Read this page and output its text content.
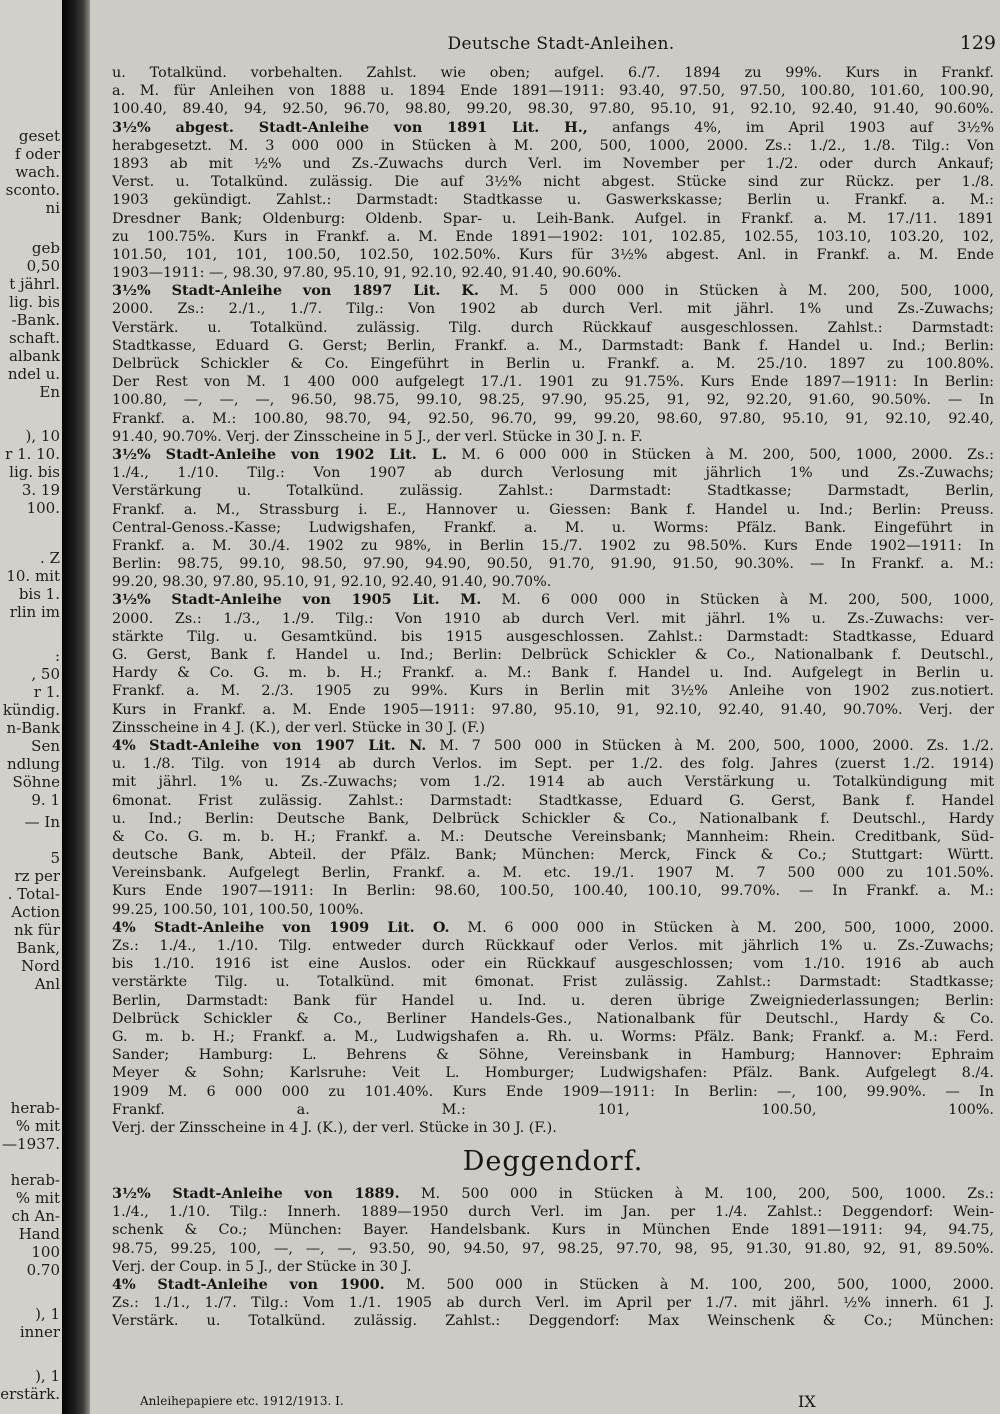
geset
f oder
wach.
sconto.
ni
geb
0,50
t jährl.
lig. bis
-Bank.
schaft.
albank
ndel u.
En
), 10
r 1. 10.
lig. bis
3. 19
100.
. Z
10. mit
bis 1.
rlin im
:
, 50
r 1.
kündig.
n-Bank
Sen
ndlung
Söhne
9. 1
— In
5
rz per
. Total-
Action
nk für
Bank,
Nord
Anl
herab-
% mit
—1937.
herab-
% mit
ch An-
Hand
100
0.70
), 1
inner
), 1
erstärk.
Deutsche Stadt-Anleihen.	129
u. Totalkünd. vorbehalten. Zahlst. wie oben; aufgel. 6./7. 1894 zu 99%. Kurs in Frankf.
a. M. für Anleihen von 1888 u. 1894 Ende 1891—1911: 93.40, 97.50, 97.50, 100.80, 101.60, 100.90,
100.40, 89.40, 94, 92.50, 96.70, 98.80, 99.20, 98.30, 97.80, 95.10, 91, 92.10, 92.40, 91.40, 90.60%.
3½% abgest. Stadt-Anleihe von 1891 Lit. H., anfangs 4%, im April 1903 auf 3½%
herabgesetzt. M. 3 000 000 in Stücken à M. 200, 500, 1000, 2000. Zs.: 1./2., 1./8. Tilg.: Von
1893 ab mit ½% und Zs.-Zuwachs durch Verl. im November per 1./2. oder durch Ankauf;
Verst. u. Totalkünd. zulässig. Die auf 3½% nicht abgest. Stücke sind zur Rückz. per 1./8.
1903 gekündigt. Zahlst.: Darmstadt: Stadtkasse u. Gaswerkskasse; Berlin u. Frankf. a. M.:
Dresdner Bank; Oldenburg: Oldenb. Spar- u. Leih-Bank. Aufgel. in Frankf. a. M. 17./11. 1891
zu 100.75%. Kurs in Frankf. a. M. Ende 1891—1902: 101, 102.85, 102.55, 103.10, 103.20, 102,
101.50, 101, 101, 100.50, 102.50, 102.50%. Kurs für 3½% abgest. Anl. in Frankf. a. M. Ende
1903—1911: —, 98.30, 97.80, 95.10, 91, 92.10, 92.40, 91.40, 90.60%.
3½% Stadt-Anleihe von 1897 Lit. K. M. 5 000 000 in Stücken à M. 200, 500, 1000,
2000. Zs.: 2./1., 1./7. Tilg.: Von 1902 ab durch Verl. mit jährl. 1% und Zs.-Zuwachs;
Verstärk. u. Totalkünd. zulässig. Tilg. durch Rückkauf ausgeschlossen. Zahlst.: Darmstadt:
Stadtkasse, Eduard G. Gerst; Berlin, Frankf. a. M., Darmstadt: Bank f. Handel u. Ind.; Berlin:
Delbrück Schickler & Co. Eingeführt in Berlin u. Frankf. a. M. 25./10. 1897 zu 100.80%.
Der Rest von M. 1 400 000 aufgelegt 17./1. 1901 zu 91.75%. Kurs Ende 1897—1911: In Berlin:
100.80, —, —, —, 96.50, 98.75, 99.10, 98.25, 97.90, 95.25, 91, 92, 92.20, 91.60, 90.50%. — In
Frankf. a. M.: 100.80, 98.70, 94, 92.50, 96.70, 99, 99.20, 98.60, 97.80, 95.10, 91, 92.10, 92.40,
91.40, 90.70%. Verj. der Zinsscheine in 5 J., der verl. Stücke in 30 J. n. F.
3½% Stadt-Anleihe von 1902 Lit. L. M. 6 000 000 in Stücken à M. 200, 500, 1000, 2000. Zs.:
1./4., 1./10. Tilg.: Von 1907 ab durch Verlosung mit jährlich 1% und Zs.-Zuwachs;
Verstärkung u. Totalkünd. zulässig. Zahlst.: Darmstadt: Stadtkasse; Darmstadt, Berlin,
Frankf. a. M., Strassburg i. E., Hannover u. Giessen: Bank f. Handel u. Ind.; Berlin: Preuss.
Central-Genoss.-Kasse; Ludwigshafen, Frankf. a. M. u. Worms: Pfälz. Bank. Eingeführt in
Frankf. a. M. 30./4. 1902 zu 98%, in Berlin 15./7. 1902 zu 98.50%. Kurs Ende 1902—1911: In
Berlin: 98.75, 99.10, 98.50, 97.90, 94.90, 90.50, 91.70, 91.90, 91.50, 90.30%. — In Frankf. a. M.:
99.20, 98.30, 97.80, 95.10, 91, 92.10, 92.40, 91.40, 90.70%.
3½% Stadt-Anleihe von 1905 Lit. M. M. 6 000 000 in Stücken à M. 200, 500, 1000,
2000. Zs.: 1./3., 1./9. Tilg.: Von 1910 ab durch Verl. mit jährl. 1% u. Zs.-Zuwachs: ver-
stärkte Tilg. u. Gesamtkünd. bis 1915 ausgeschlossen. Zahlst.: Darmstadt: Stadtkasse, Eduard
G. Gerst, Bank f. Handel u. Ind.; Berlin: Delbrück Schickler & Co., Nationalbank f. Deutschl.,
Hardy & Co. G. m. b. H.; Frankf. a. M.: Bank f. Handel u. Ind. Aufgelegt in Berlin u.
Frankf. a. M. 2./3. 1905 zu 99%. Kurs in Berlin mit 3½% Anleihe von 1902 zus.notiert.
Kurs in Frankf. a. M. Ende 1905—1911: 97.80, 95.10, 91, 92.10, 92.40, 91.40, 90.70%. Verj. der
Zinsscheine in 4 J. (K.), der verl. Stücke in 30 J. (F.)
4% Stadt-Anleihe von 1907 Lit. N. M. 7 500 000 in Stücken à M. 200, 500, 1000, 2000. Zs. 1./2.
u. 1./8. Tilg. von 1914 ab durch Verlos. im Sept. per 1./2. des folg. Jahres (zuerst 1./2. 1914)
mit jährl. 1% u. Zs.-Zuwachs; vom 1./2. 1914 ab auch Verstärkung u. Totalkündigung mit
6monat. Frist zulässig. Zahlst.: Darmstadt: Stadtkasse, Eduard G. Gerst, Bank f. Handel
u. Ind.; Berlin: Deutsche Bank, Delbrück Schickler & Co., Nationalbank f. Deutschl., Hardy
& Co. G. m. b. H.; Frankf. a. M.: Deutsche Vereinsbank; Mannheim: Rhein. Creditbank, Süd-
deutsche Bank, Abteil. der Pfälz. Bank; München: Merck, Finck & Co.; Stuttgart: Württ.
Vereinsbank. Aufgelegt Berlin, Frankf. a. M. etc. 19./1. 1907 M. 7 500 000 zu 101.50%.
Kurs Ende 1907—1911: In Berlin: 98.60, 100.50, 100.40, 100.10, 99.70%. — In Frankf. a. M.:
99.25, 100.50, 101, 100.50, 100%.
4% Stadt-Anleihe von 1909 Lit. O. M. 6 000 000 in Stücken à M. 200, 500, 1000, 2000.
Zs.: 1./4., 1./10. Tilg. entweder durch Rückkauf oder Verlos. mit jährlich 1% u. Zs.-Zuwachs;
bis 1./10. 1916 ist eine Auslos. oder ein Rückkauf ausgeschlossen; vom 1./10. 1916 ab auch
verstärkte Tilg. u. Totalkünd. mit 6monat. Frist zulässig. Zahlst.: Darmstadt: Stadtkasse;
Berlin, Darmstadt: Bank für Handel u. Ind. u. deren übrige Zweigniederlassungen; Berlin:
Delbrück Schickler & Co., Berliner Handels-Ges., Nationalbank für Deutschl., Hardy & Co.
G. m. b. H.; Frankf. a. M., Ludwigshafen a. Rh. u. Worms: Pfälz. Bank; Frankf. a. M.: Ferd.
Sander; Hamburg: L. Behrens & Söhne, Vereinsbank in Hamburg; Hannover: Ephraim
Meyer & Sohn; Karlsruhe: Veit L. Homburger; Ludwigshafen: Pfälz. Bank. Aufgelegt 8./4.
1909 M. 6 000 000 zu 101.40%. Kurs Ende 1909—1911: In Berlin: —, 100, 99.90%. — In
Frankf. a. M.: 101, 100.50, 100%.
Verj. der Zinsscheine in 4 J. (K.), der verl. Stücke in 30 J. (F.).
Deggendorf.
3½% Stadt-Anleihe von 1889. M. 500 000 in Stücken à M. 100, 200, 500, 1000. Zs.:
1./4., 1./10. Tilg.: Innerh. 1889—1950 durch Verl. im Jan. per 1./4. Zahlst.: Deggendorf: Wein-
schenk & Co.; München: Bayer. Handelsbank. Kurs in München Ende 1891—1911: 94, 94.75,
98.75, 99.25, 100, —, —, —, 93.50, 90, 94.50, 97, 98.25, 97.70, 98, 95, 91.30, 91.80, 92, 91, 89.50%.
Verj. der Coup. in 5 J., der Stücke in 30 J.
4% Stadt-Anleihe von 1900. M. 500 000 in Stücken à M. 100, 200, 500, 1000, 2000.
Zs.: 1./1., 1./7. Tilg.: Vom 1./1. 1905 ab durch Verl. im April per 1./7. mit jährl. ½% innerh. 61 J.
Verstärk. u. Totalkünd. zulässig. Zahlst.: Deggendorf: Max Weinschenk & Co.; München:
Anleihepapiere etc. 1912/1913. I.	IX
